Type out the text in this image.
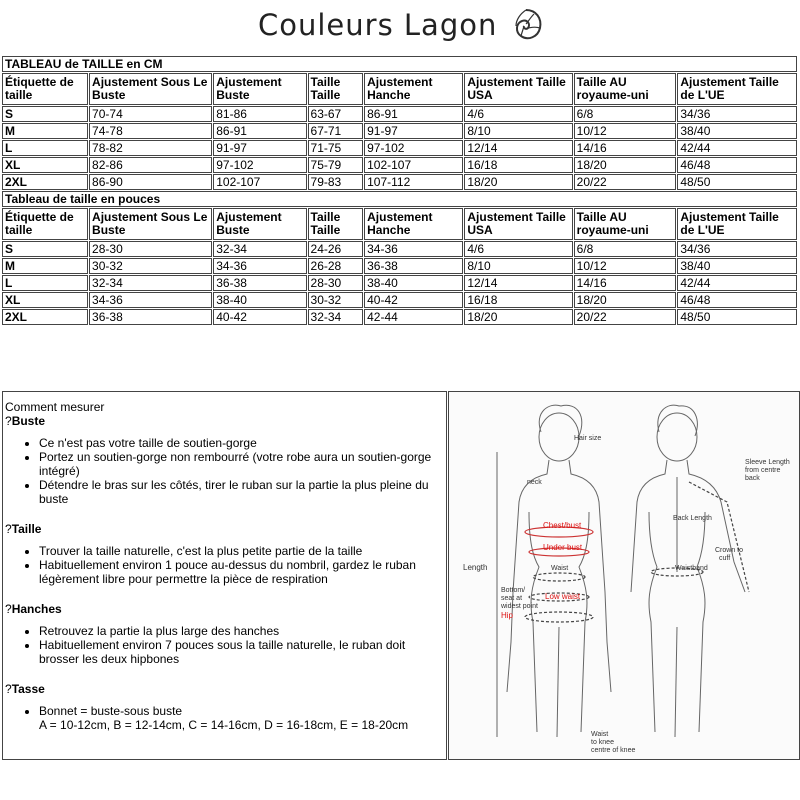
Couleurs Lagon
TABLEAU de TAILLE en CM							
Étiquette de taille	Ajustement Sous Le Buste	Ajustement Buste	Taille Taille	Ajustement Hanche	Ajustement Taille USA	Taille AU royaume-uni	Ajustement Taille de L'UE
S	70-74	81-86	63-67	86-91	4/6	6/8	34/36
M	74-78	86-91	67-71	91-97	8/10	10/12	38/40
L	78-82	91-97	71-75	97-102	12/14	14/16	42/44
XL	82-86	97-102	75-79	102-107	16/18	18/20	46/48
2XL	86-90	102-107	79-83	107-112	18/20	20/22	48/50
Tableau de taille en pouces							
Étiquette de taille	Ajustement Sous Le Buste	Ajustement Buste	Taille Taille	Ajustement Hanche	Ajustement Taille USA	Taille AU royaume-uni	Ajustement Taille de L'UE
S	28-30	32-34	24-26	34-36	4/6	6/8	34/36
M	30-32	34-36	26-28	36-38	8/10	10/12	38/40
L	32-34	36-38	28-30	38-40	12/14	14/16	42/44
XL	34-36	38-40	30-32	40-42	16/18	18/20	46/48
2XL	36-38	40-42	32-34	42-44	18/20	20/22	48/50

Comment mesurer

?Buste
• Ce n'est pas votre taille de soutien-gorge
• Portez un soutien-gorge non rembourré (votre robe aura un soutien-gorge intégré)
• Détendre le bras sur les côtés, tirer le ruban sur la partie la plus pleine du buste
?Taille
• Trouver la taille naturelle, c'est la plus petite partie de la taille
• Habituellement environ 1 pouce au-dessus du nombril, gardez le ruban légèrement libre pour permettre la pièce de respiration
?Hanches
• Retrouvez la partie la plus large des hanches
• Habituellement environ 7 pouces sous la taille naturelle, le ruban doit brosser les deux hipbones
?Tasse
• Bonnet = buste-sous buste
A = 10-12cm, B = 12-14cm, C = 14-16cm, D = 16-18cm, E = 18-20cm
Hair size
neck
Chest/bust
Under bust
Waist
Low waist
Bottom/
seat at
widest point
Hip
Length
Sleeve Length
from centre
back
Back Length
Crown to
cuff
Waistband
Waist
to knee
centre of knee
